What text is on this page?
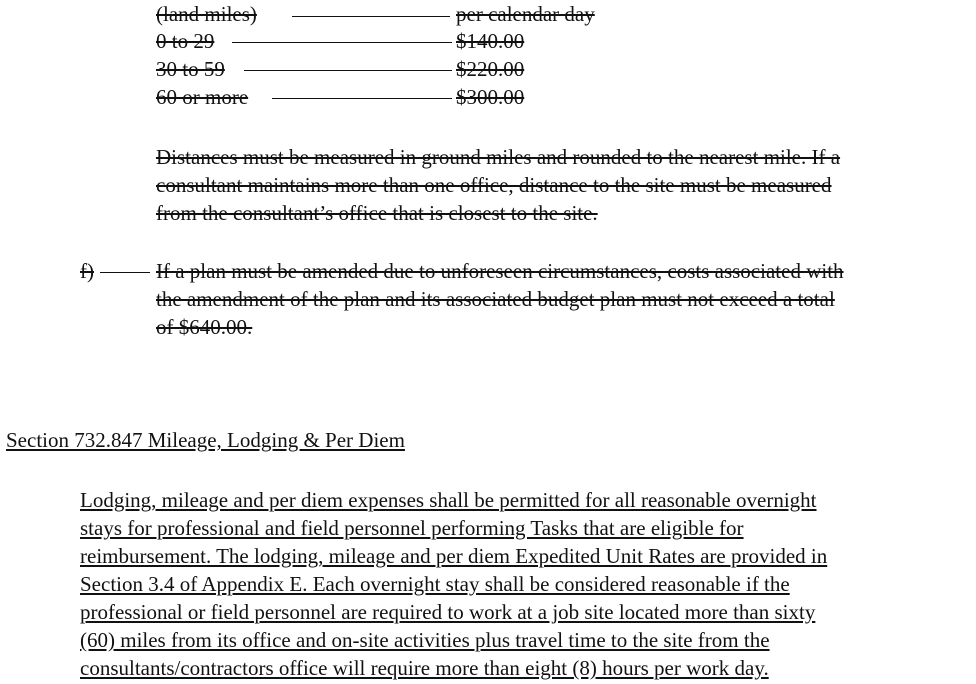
(land miles)	per calendar day
0 to 29	$140.00
30 to 59	$220.00
60 or more	$300.00
Distances must be measured in ground miles and rounded to the nearest mile. If a
consultant maintains more than one office, distance to the site must be measured
from the consultant’s office that is closest to the site.
f)	If a plan must be amended due to unforeseen circumstances, costs associated with
the amendment of the plan and its associated budget plan must not exceed a total
of $640.00.
Section 732.847 Mileage, Lodging & Per Diem
Lodging, mileage and per diem expenses shall be permitted for all reasonable overnight
stays for professional and field personnel performing Tasks that are eligible for
reimbursement. The lodging, mileage and per diem Expedited Unit Rates are provided in
Section 3.4 of Appendix E. Each overnight stay shall be considered reasonable if the
professional or field personnel are required to work at a job site located more than sixty
(60) miles from its office and on-site activities plus travel time to the site from the
consultants/contractors office will require more than eight (8) hours per work day.
